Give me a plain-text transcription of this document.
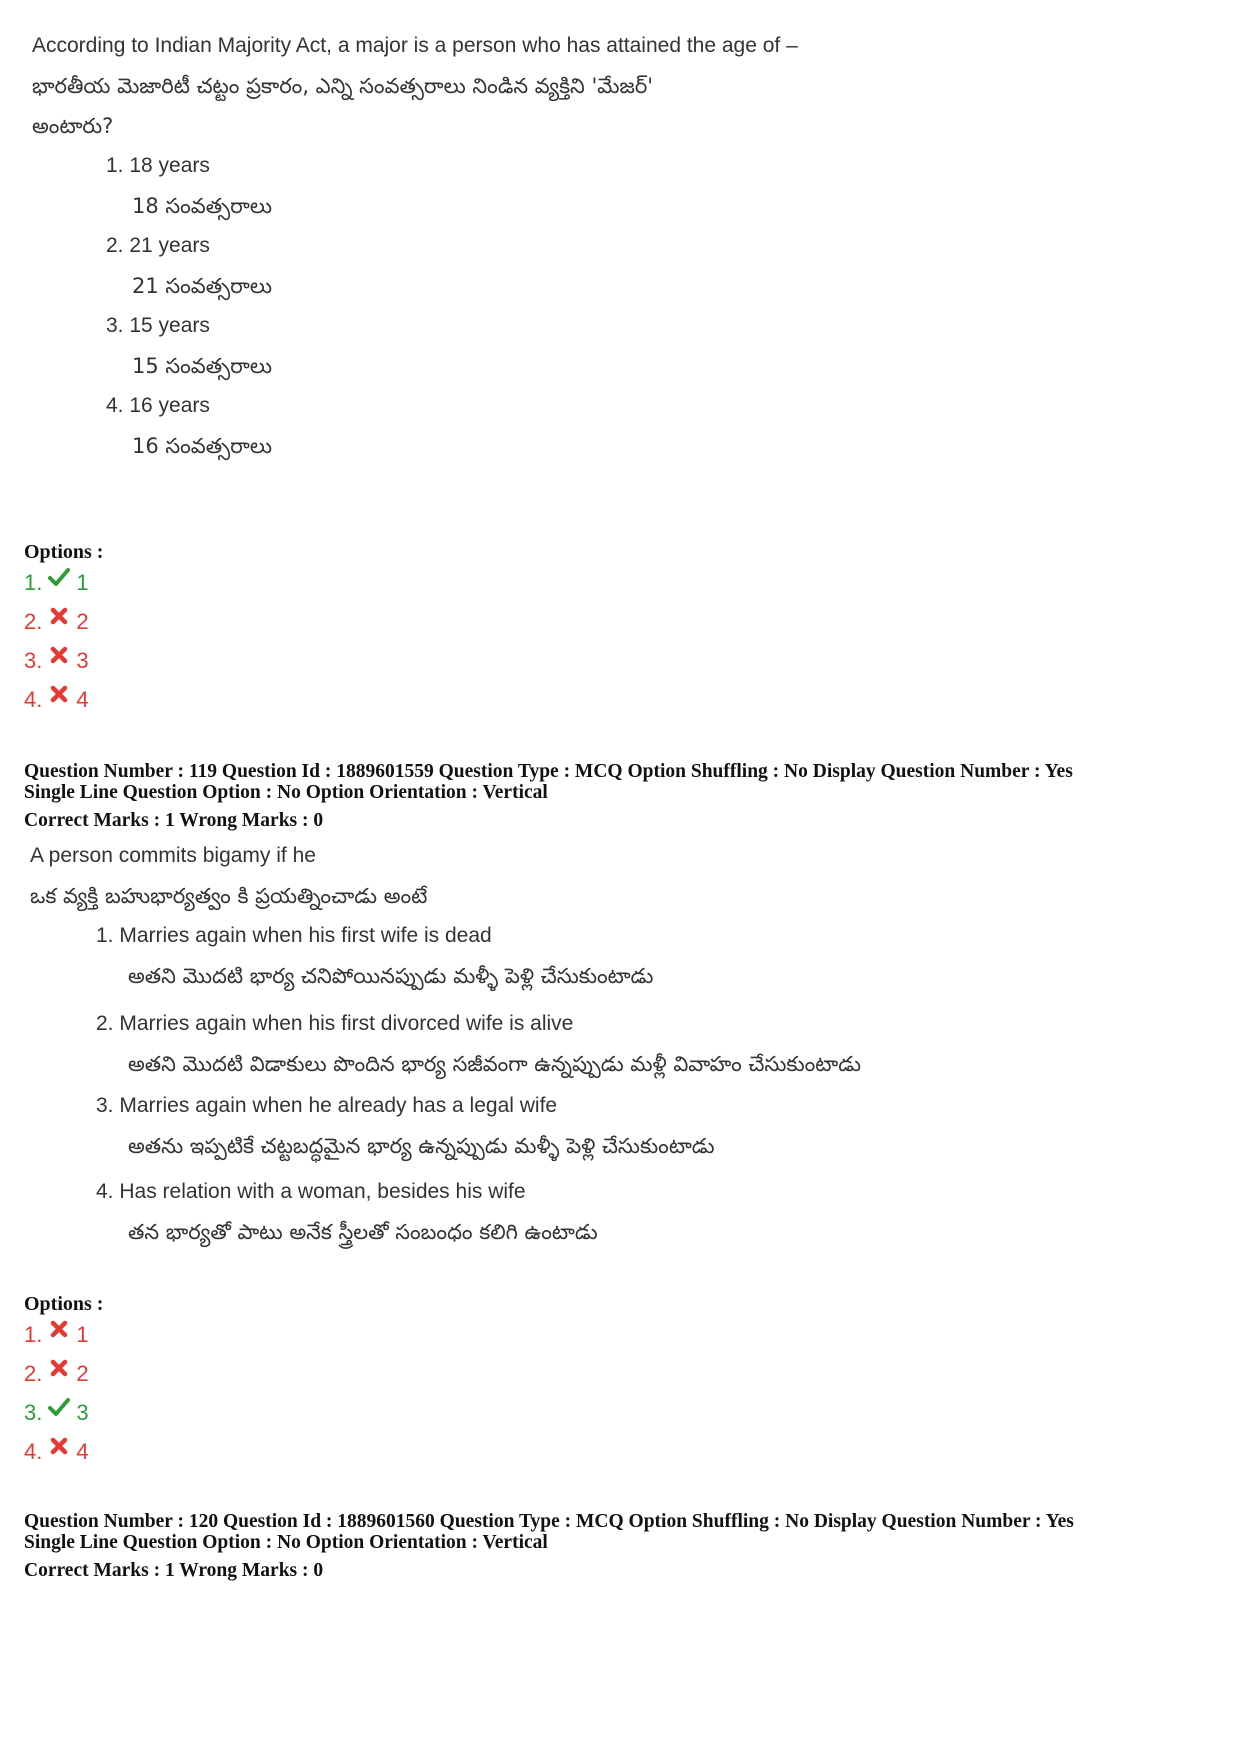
According to Indian Majority Act, a major is a person who has attained the age of –
భారతీయ మెజారిటీ చట్టం ప్రకారం, ఎన్ని సంవత్సరాలు నిండిన వ్యక్తిని 'మేజర్'
అంటారు?
1. 18 years
18 సంవత్సరాలు
2. 21 years
21 సంవత్సరాలు
3. 15 years
15 సంవత్సరాలు
4. 16 years
16 సంవత్సరాలు
Options :
1. 1
2. 2
3. 3
4. 4
Question Number : 119 Question Id : 1889601559 Question Type : MCQ Option Shuffling : No Display Question Number : Yes
Single Line Question Option : No Option Orientation : Vertical
Correct Marks : 1 Wrong Marks : 0
A person commits bigamy if he
ఒక వ్యక్తి బహుభార్యత్వం కి ప్రయత్నించాడు అంటే
1. Marries again when his first wife is dead
అతని మొదటి భార్య చనిపోయినప్పుడు మళ్ళీ పెళ్లి చేసుకుంటాడు
2. Marries again when his first divorced wife is alive
అతని మొదటి విడాకులు పొందిన భార్య సజీవంగా ఉన్నప్పుడు మళ్లీ వివాహం చేసుకుంటాడు
3. Marries again when he already has a legal wife
అతను ఇప్పటికే చట్టబద్ధమైన భార్య ఉన్నప్పుడు మళ్ళీ పెళ్లి చేసుకుంటాడు
4. Has relation with a woman, besides his wife
తన భార్యతో పాటు అనేక స్త్రీలతో సంబంధం కలిగి ఉంటాడు
Options :
1. 1
2. 2
3. 3
4. 4
Question Number : 120 Question Id : 1889601560 Question Type : MCQ Option Shuffling : No Display Question Number : Yes
Single Line Question Option : No Option Orientation : Vertical
Correct Marks : 1 Wrong Marks : 0
